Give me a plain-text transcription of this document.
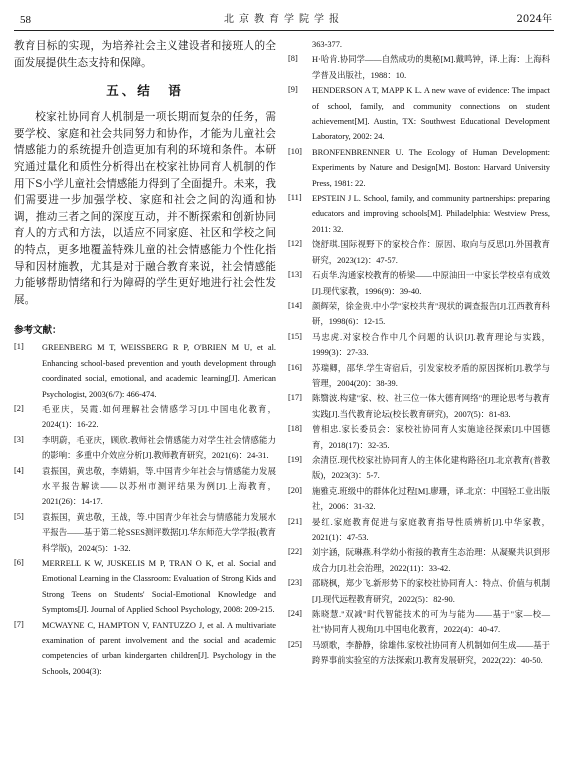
58	北京教育学院学报	2024年

教育目标的实现，为培养社会主义建设者和接班人的全面发展提供生态支持和保障。

五、结　语

校家社协同育人机制是一项长期而复杂的任务，需要学校、家庭和社会共同努力和协作，才能为儿童社会情感能力的系统提升创造更加有利的环境和条件。本研究通过量化和质性分析得出在校家社协同育人机制的作用下S小学儿童社会情感能力得到了全面提升。未来，我们需要进一步加强学校、家庭和社会之间的沟通和协调，推动三者之间的深度互动，并不断探索和创新协同育人的方式和方法，以适应不同家庭、社区和学校之间的特点，更多地覆盖特殊儿童的社会情感能力个性化指导和因材施教，尤其是对于融合教育来说，社会情感能力能够帮助情绪和行为障碍的学生更好地进行社会性发展。

参考文献：

[1]	GREENBERG M T, WEISSBERG R P, O'BRIEN M U, et al. Enhancing school-based prevention and youth development through coordinated social, emotional, and academic learning[J]. American Psychologist, 2003(6/7): 466-474.

[2]	毛亚庆，吴霞.如何理解社会情感学习[J].中国电化教育，2024(1)：16-22.

[3]	李明蔚，毛亚庆，顾欣.教师社会情感能力对学生社会情感能力的影响：多重中介效应分析[J].教师教育研究，2021(6)：24-31.

[4]	袁振国，黄忠敬，李婧娟，等.中国青少年社会与情感能力发展水平报告解读——以苏州市测评结果为例[J].上海教育，2021(26)：14-17.

[5]	袁振国，黄忠敬，王战，等.中国青少年社会与情感能力发展水平报告——基于第二轮SSES测评数据[J].华东师范大学学报(教育科学版)，2024(5)：1-32.

[6]	MERRELL K W, JUSKELIS M P, TRAN O K, et al. Social and Emotional Learning in the Classroom: Evaluation of Strong Kids and Strong Teens on Students' Social-Emotional Knowledge and Symptoms[J]. Journal of Applied School Psychology, 2008: 209-215.

[7]	MCWAYNE C, HAMPTON V, FANTUZZO J, et al. A multivariate examination of parent involvement and the social and academic competencies of urban kindergarten children[J]. Psychology in the Schools, 2004(3):

363-377.

[8]	H·哈肯.协同学——自然成功的奥秘[M].戴鸣钟，译.上海：上海科学普及出版社，1988：10.

[9]	HENDERSON A T, MAPP K L. A new wave of evidence: The impact of school, family, and community connections on student achievement[M]. Austin, TX: Southwest Educational Development Laboratory, 2002: 24.

[10]	BRONFENBRENNER U. The Ecology of Human Development: Experiments by Nature and Design[M]. Boston: Harvard University Press, 1981: 22.

[11]	EPSTEIN J L. School, family, and community partnerships: preparing educators and improving schools[M]. Philadelphia: Westview Press, 2011: 32.

[12]	饶舒琪.国际视野下的家校合作：原因、取向与反思[J].外国教育研究，2023(12)：47-57.

[13]	石贞华.沟通家校教育的桥梁——中原油田一中家长学校卓有成效[J].现代家教，1996(9)：39-40.

[14]	颜辉荣，徐金贵.中小学"家校共育"现状的调查报告[J].江西教育科研，1998(6)：12-15.

[15]	马忠虎.对家校合作中几个问题的认识[J].教育理论与实践，1999(3)：27-33.

[16]	苏瑞卿，邵华.学生寄宿后，引发家校矛盾的原因探析[J].教学与管理，2004(20)：38-39.

[17]	陈翳波.构建"家、校、社三位一体大德育网络"的理论思考与教育实践[J].当代教育论坛(校长教育研究)，2007(5)：81-83.

[18]	曾相忠.家长委员会：家校社协同育人实施途径探索[J].中国德育，2018(17)：32-35.

[19]	余清臣.现代校家社协同育人的主体化建构路径[J].北京教育(普教版)，2023(3)：5-7.

[20]	施雅克.班级中的群体化过程[M].廖珊，译.北京：中国轻工业出版社，2006：31-32.

[21]	晏红.家庭教育促进与家庭教育指导性质辨析[J].中华家教，2021(1)：47-53.

[22]	刘宇涵，阮琳燕.科学幼小衔接的教育生态治理：从凝聚共识到形成合力[J].社会治理，2022(11)：33-42.

[23]	邵晓枫，郑少飞.新形势下的家校社协同育人：特点、价值与机制[J].现代远程教育研究，2022(5)：82-90.

[24]	陈晓慧."双减"时代智能技术的可为与能为——基于"家—校—社"协同育人视角[J].中国电化教育，2022(4)：40-47.

[25]	马颂歌，李静静，徐雄伟.家校社协同育人机制如何生成——基于跨界事前实验室的方法探索[J].教育发展研究，2022(22)：40-50.
